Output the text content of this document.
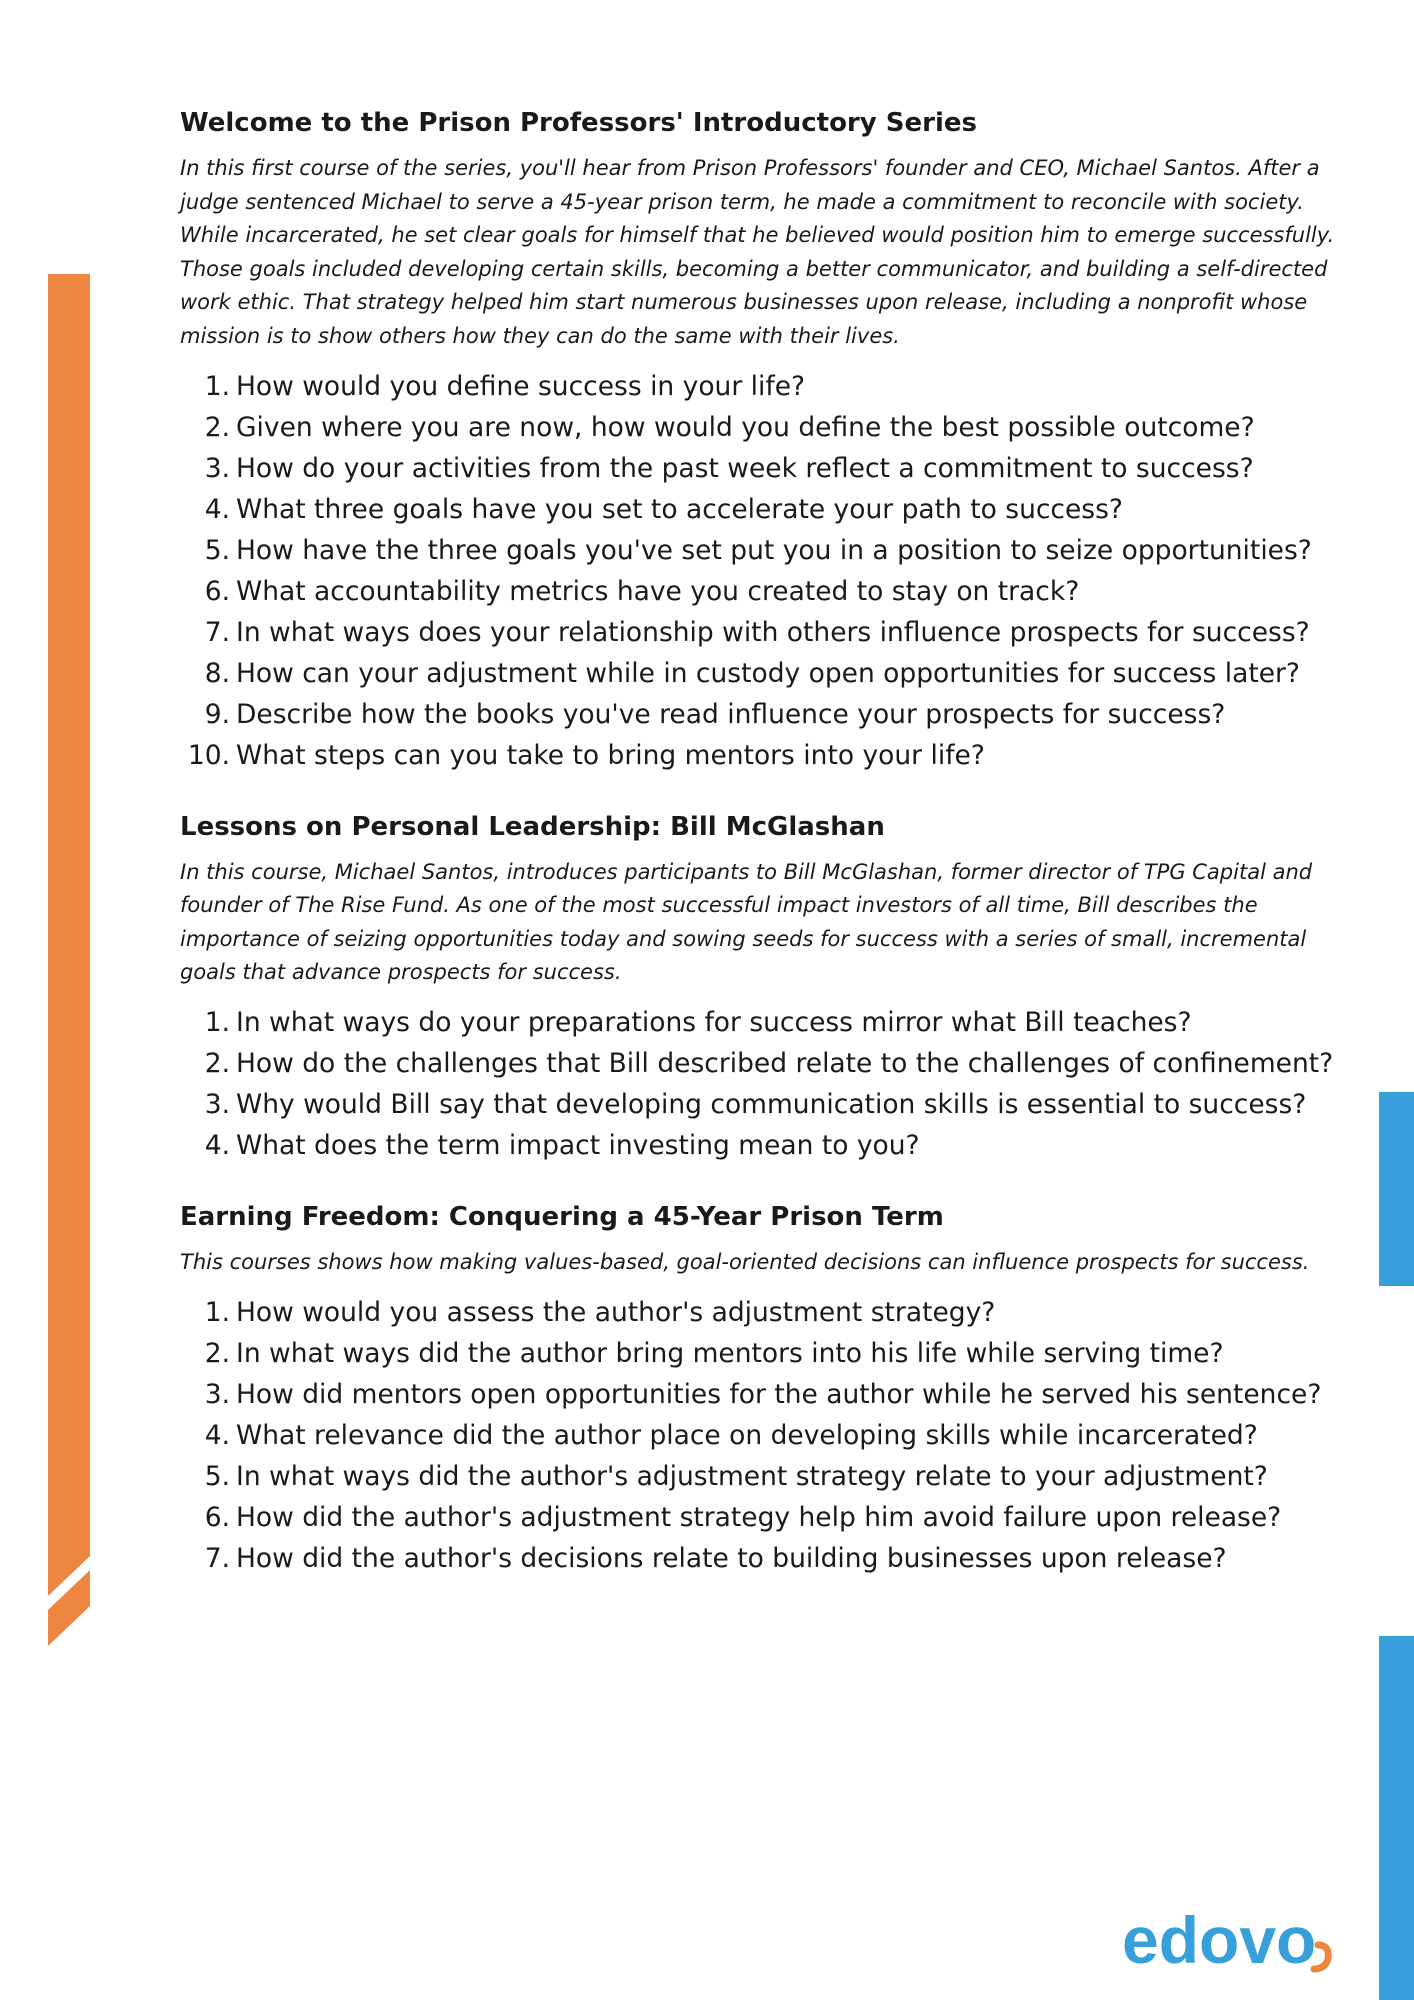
Welcome to the Prison Professors' Introductory Series
In this first course of the series, you'll hear from Prison Professors' founder and CEO, Michael Santos. After a judge sentenced Michael to serve a 45-year prison term, he made a commitment to reconcile with society. While incarcerated, he set clear goals for himself that he believed would position him to emerge successfully. Those goals included developing certain skills, becoming a better communicator, and building a self-directed work ethic. That strategy helped him start numerous businesses upon release, including a nonprofit whose mission is to show others how they can do the same with their lives.
1. How would you define success in your life?
2. Given where you are now, how would you define the best possible outcome?
3. How do your activities from the past week reflect a commitment to success?
4. What three goals have you set to accelerate your path to success?
5. How have the three goals you've set put you in a position to seize opportunities?
6. What accountability metrics have you created to stay on track?
7. In what ways does your relationship with others influence prospects for success?
8. How can your adjustment while in custody open opportunities for success later?
9. Describe how the books you've read influence your prospects for success?
10. What steps can you take to bring mentors into your life?
Lessons on Personal Leadership: Bill McGlashan
In this course, Michael Santos, introduces participants to Bill McGlashan, former director of TPG Capital and founder of The Rise Fund. As one of the most successful impact investors of all time, Bill describes the importance of seizing opportunities today and sowing seeds for success with a series of small, incremental goals that advance prospects for success.
1. In what ways do your preparations for success mirror what Bill teaches?
2. How do the challenges that Bill described relate to the challenges of confinement?
3. Why would Bill say that developing communication skills is essential to success?
4. What does the term impact investing mean to you?
Earning Freedom: Conquering a 45-Year Prison Term
This courses shows how making values-based, goal-oriented decisions can influence prospects for success.
1. How would you assess the author's adjustment strategy?
2. In what ways did the author bring mentors into his life while serving time?
3. How did mentors open opportunities for the author while he served his sentence?
4. What relevance did the author place on developing skills while incarcerated?
5. In what ways did the author's adjustment strategy relate to your adjustment?
6. How did the author's adjustment strategy help him avoid failure upon release?
7. How did the author's decisions relate to building businesses upon release?
edovo
